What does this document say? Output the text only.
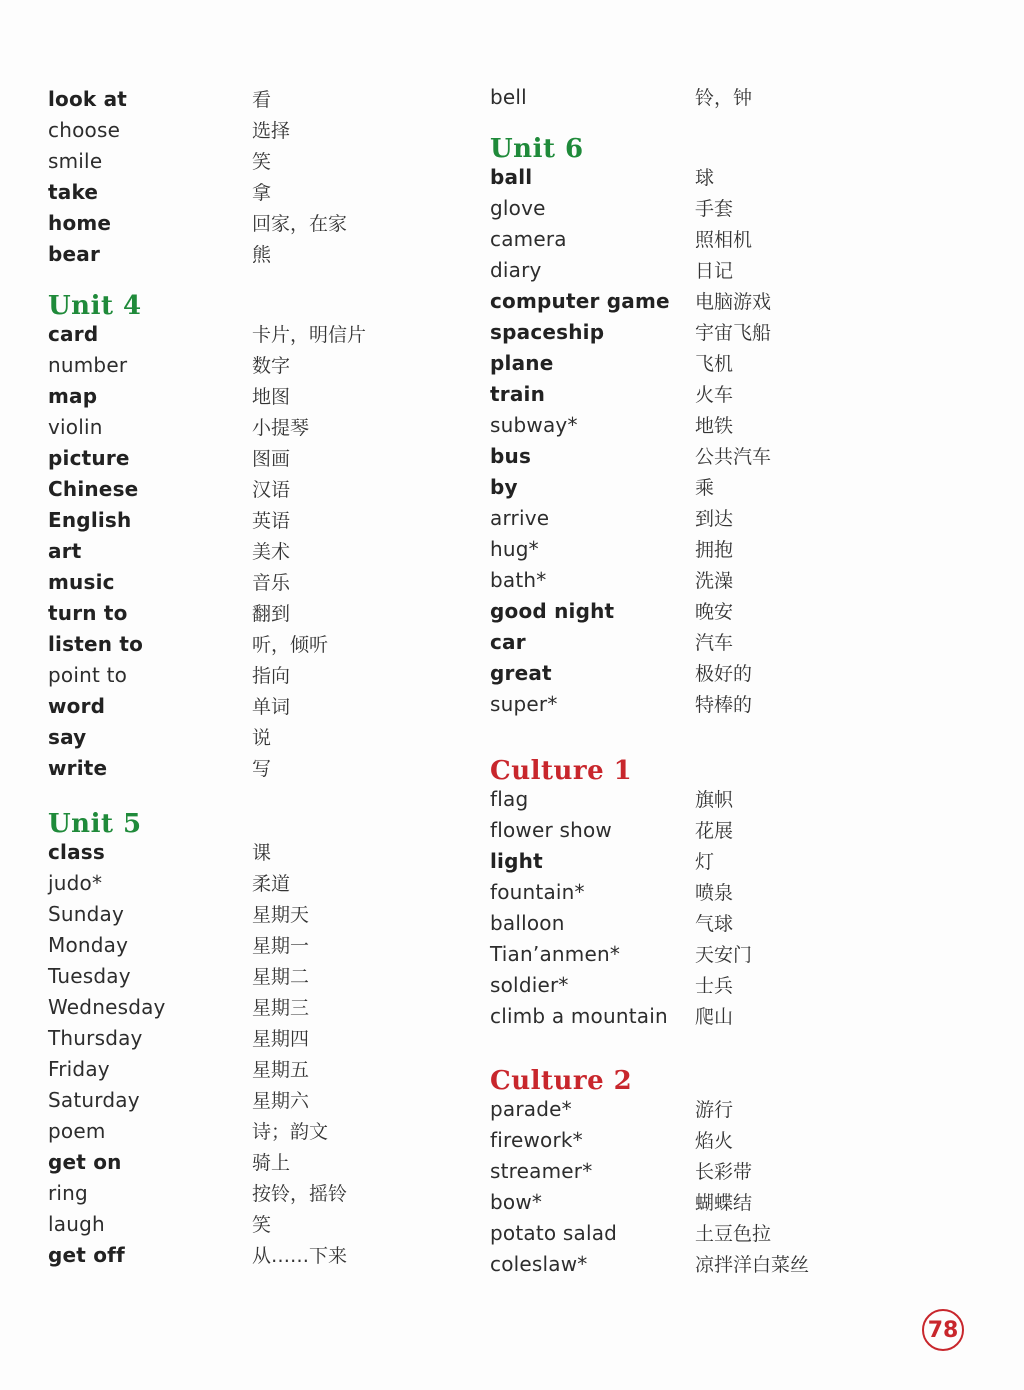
look at	看
choose	选择
smile	笑
take	拿
home	回家，在家
bear	熊
Unit 4
card	卡片，明信片
number	数字
map	地图
violin	小提琴
picture	图画
Chinese	汉语
English	英语
art	美术
music	音乐
turn to	翻到
listen to	听，倾听
point to	指向
word	单词
say	说
write	写
Unit 5
class	课
judo*	柔道
Sunday	星期天
Monday	星期一
Tuesday	星期二
Wednesday	星期三
Thursday	星期四
Friday	星期五
Saturday	星期六
poem	诗；韵文
get on	骑上
ring	按铃，摇铃
laugh	笑
get off	从……下来
bell	铃，钟
Unit 6
ball	球
glove	手套
camera	照相机
diary	日记
computer game	电脑游戏
spaceship	宇宙飞船
plane	飞机
train	火车
subway*	地铁
bus	公共汽车
by	乘
arrive	到达
hug*	拥抱
bath*	洗澡
good night	晚安
car	汽车
great	极好的
super*	特棒的
Culture 1
flag	旗帜
flower show	花展
light	灯
fountain*	喷泉
balloon	气球
Tian’anmen*	天安门
soldier*	士兵
climb a mountain	爬山
Culture 2
parade*	游行
firework*	焰火
streamer*	长彩带
bow*	蝴蝶结
potato salad	土豆色拉
coleslaw*	凉拌洋白菜丝
78
